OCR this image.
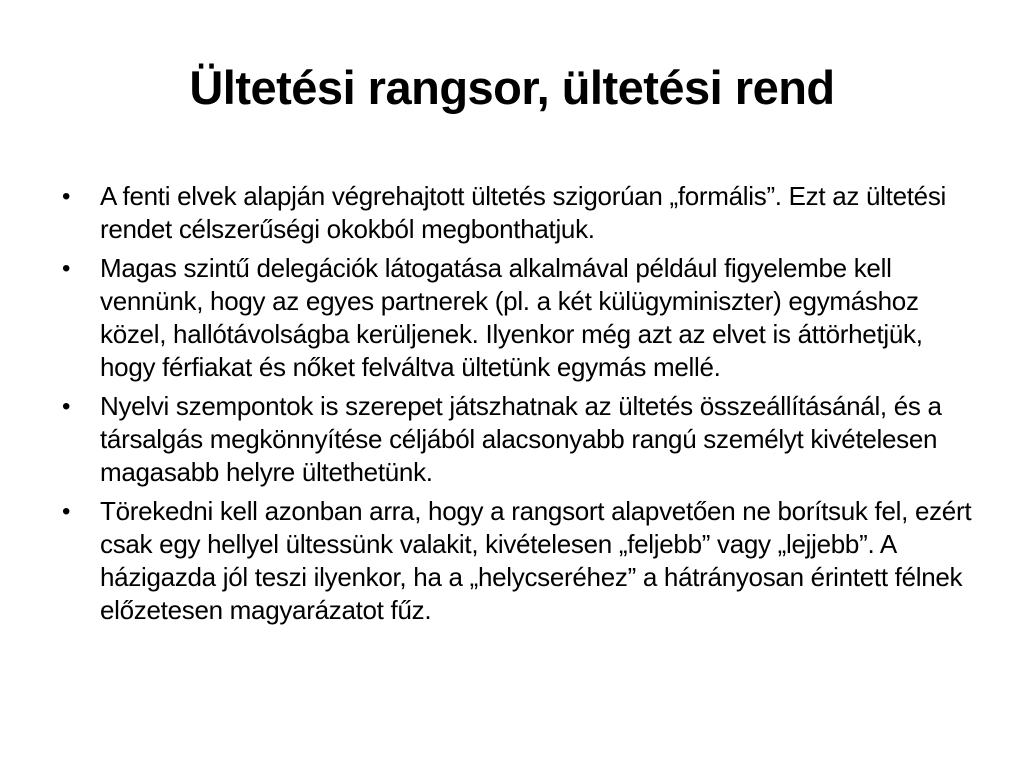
Ültetési rangsor, ültetési rend
• A fenti elvek alapján végrehajtott ültetés szigorúan „formális”. Ezt az ültetési rendet célszerűségi okokból megbonthatjuk.
• Magas szintű delegációk látogatása alkalmával például figyelembe kell vennünk, hogy az egyes partnerek (pl. a két külügyminiszter) egymáshoz közel, hallótávolságba kerüljenek. Ilyenkor még azt az elvet is áttörhetjük, hogy férfiakat és nőket felváltva ültetünk egymás mellé.
• Nyelvi szempontok is szerepet játszhatnak az ültetés összeállításánál, és a társalgás megkönnyítése céljából alacsonyabb rangú személyt kivételesen magasabb helyre ültethetünk.
• Törekedni kell azonban arra, hogy a rangsort alapvetően ne borítsuk fel, ezért csak egy hellyel ültessünk valakit, kivételesen „feljebb” vagy „lejjebb”. A házigazda jól teszi ilyenkor, ha a „helycseréhez” a hátrányosan érintett félnek előzetesen magyarázatot fűz.
